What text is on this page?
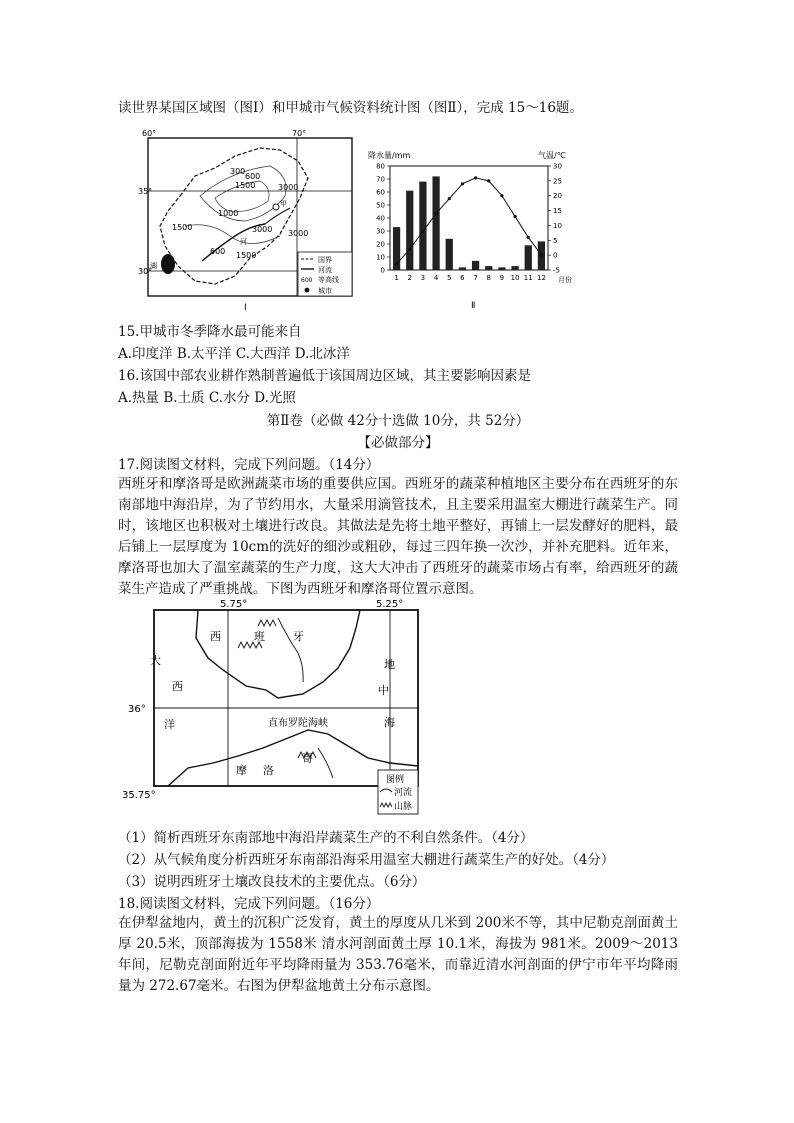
读世界某国区域图（图Ⅰ）和甲城市气候资料统计图（图Ⅱ），完成 15～16题。
60°	70°
35°
30°
湖
甲
河
300
600
1500	3000
1000
3000
1500
600 1500
3000
国界
河流
600 等高线
城市
Ⅰ
降水量/mm	气温/℃
0
10
20
30
40
50
60
70
80
-5
0
5
10
15
20
25
30
1 2 3 4 5 6 7 8 9 10 11 12 月份
Ⅱ
15.甲城市冬季降水最可能来自
A.印度洋 B.太平洋 C.大西洋 D.北冰洋
16.该国中部农业耕作熟制普遍低于该国周边区域，其主要影响因素是
A.热量 B.土质 C.水分 D.光照
第Ⅱ卷（必做 42分十选做 10分，共 52分）
【必做部分】
17.阅读图文材料，完成下列问题。（14分）
西班牙和摩洛哥是欧洲蔬菜市场的重要供应国。西班牙的蔬菜种植地区主要分布在西班牙的东南部地中海沿岸，为了节约用水，大量采用滴管技术，且主要采用温室大棚进行蔬菜生产。同时，该地区也积极对土壤进行改良。其做法是先将土地平整好，再铺上一层发酵好的肥料，最后铺上一层厚度为 10cm的洗好的细沙或粗砂，每过三四年换一次沙，并补充肥料。近年来，摩洛哥也加大了温室蔬菜的生产力度，这大大冲击了西班牙的蔬菜市场占有率，给西班牙的蔬菜生产造成了严重挑战。下图为西班牙和摩洛哥位置示意图。
5.75°	5.25°
36°
35.75°
大
西
洋
地
中
海
西	班	牙
摩 洛
哥
直布罗陀海峡
图例
河流
山脉
（1）简析西班牙东南部地中海沿岸蔬菜生产的不利自然条件。（4分）
（2）从气候角度分析西班牙东南部沿海采用温室大棚进行蔬菜生产的好处。（4分）
（3）说明西班牙土壤改良技术的主要优点。（6分）
18.阅读图文材料，完成下列问题。（16分）
在伊犁盆地内，黄土的沉积广泛发育，黄土的厚度从几米到 200米不等，其中尼勒克剖面黄土厚 20.5米，顶部海拔为 1558米 清水河剖面黄土厚 10.1米，海拔为 981米。2009～2013年间，尼勒克剖面附近年平均降雨量为 353.76毫米，而靠近清水河剖面的伊宁市年平均降雨量为 272.67毫米。右图为伊犁盆地黄土分布示意图。
